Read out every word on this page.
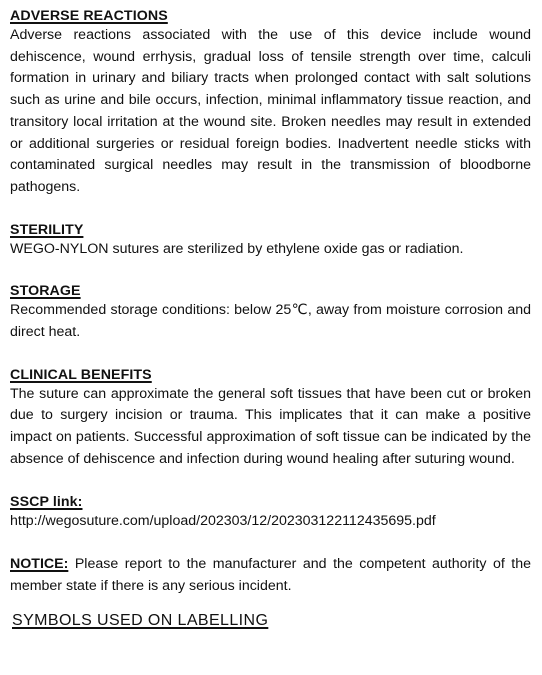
ADVERSE REACTIONS

Adverse reactions associated with the use of this device include wound dehiscence, wound errhysis, gradual loss of tensile strength over time, calculi formation in urinary and biliary tracts when prolonged contact with salt solutions such as urine and bile occurs, infection, minimal inflammatory tissue reaction, and transitory local irritation at the wound site. Broken needles may result in extended or additional surgeries or residual foreign bodies. Inadvertent needle sticks with contaminated surgical needles may result in the transmission of bloodborne pathogens.

STERILITY

WEGO-NYLON sutures are sterilized by ethylene oxide gas or radiation.

STORAGE

Recommended storage conditions: below 25℃, away from moisture corrosion and direct heat.

CLINICAL BENEFITS

The suture can approximate the general soft tissues that have been cut or broken due to surgery incision or trauma. This implicates that it can make a positive impact on patients. Successful approximation of soft tissue can be indicated by the absence of dehiscence and infection during wound healing after suturing wound.

SSCP link:

http://wegosuture.com/upload/202303/12/202303122112435695.pdf

NOTICE: Please report to the manufacturer and the competent authority of the member state if there is any serious incident.

SYMBOLS USED ON LABELLING
